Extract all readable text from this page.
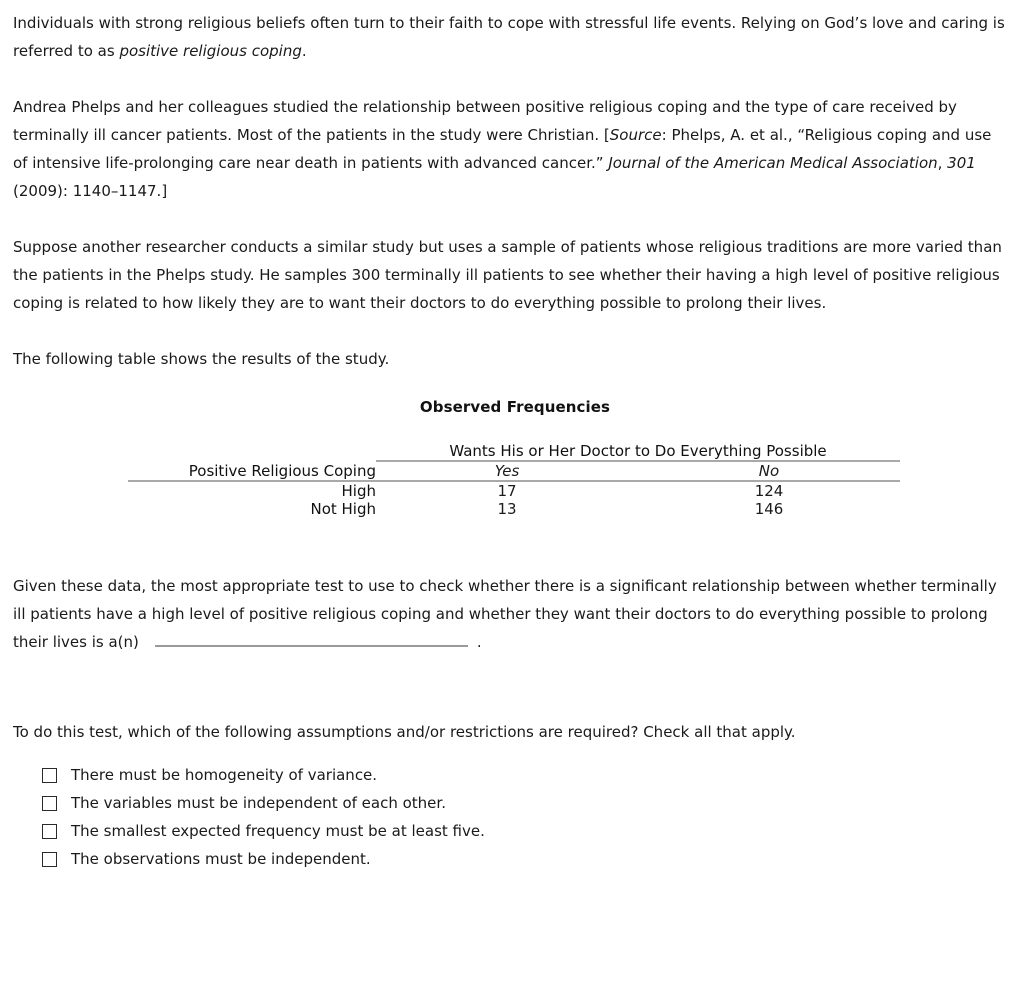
Individuals with strong religious beliefs often turn to their faith to cope with stressful life events. Relying on God’s love and caring is referred to as positive religious coping.

Andrea Phelps and her colleagues studied the relationship between positive religious coping and the type of care received by terminally ill cancer patients. Most of the patients in the study were Christian. [Source: Phelps, A. et al., “Religious coping and use of intensive life-prolonging care near death in patients with advanced cancer.” Journal of the American Medical Association, 301 (2009): 1140–1147.]

Suppose another researcher conducts a similar study but uses a sample of patients whose religious traditions are more varied than the patients in the Phelps study. He samples 300 terminally ill patients to see whether their having a high level of positive religious coping is related to how likely they are to want their doctors to do everything possible to prolong their lives.

The following table shows the results of the study.

Observed Frequencies
	Wants His or Her Doctor to Do Everything Possible	

Positive Religious Coping	Yes	No

High	17	124
Not High	13	146

Given these data, the most appropriate test to use to check whether there is a significant relationship between whether terminally ill patients have a high level of positive religious coping and whether they want their doctors to do everything possible to prolong their lives is a(n)	.

To do this test, which of the following assumptions and/or restrictions are required? Check all that apply.

There must be homogeneity of variance.
The variables must be independent of each other.
The smallest expected frequency must be at least five.
The observations must be independent.
